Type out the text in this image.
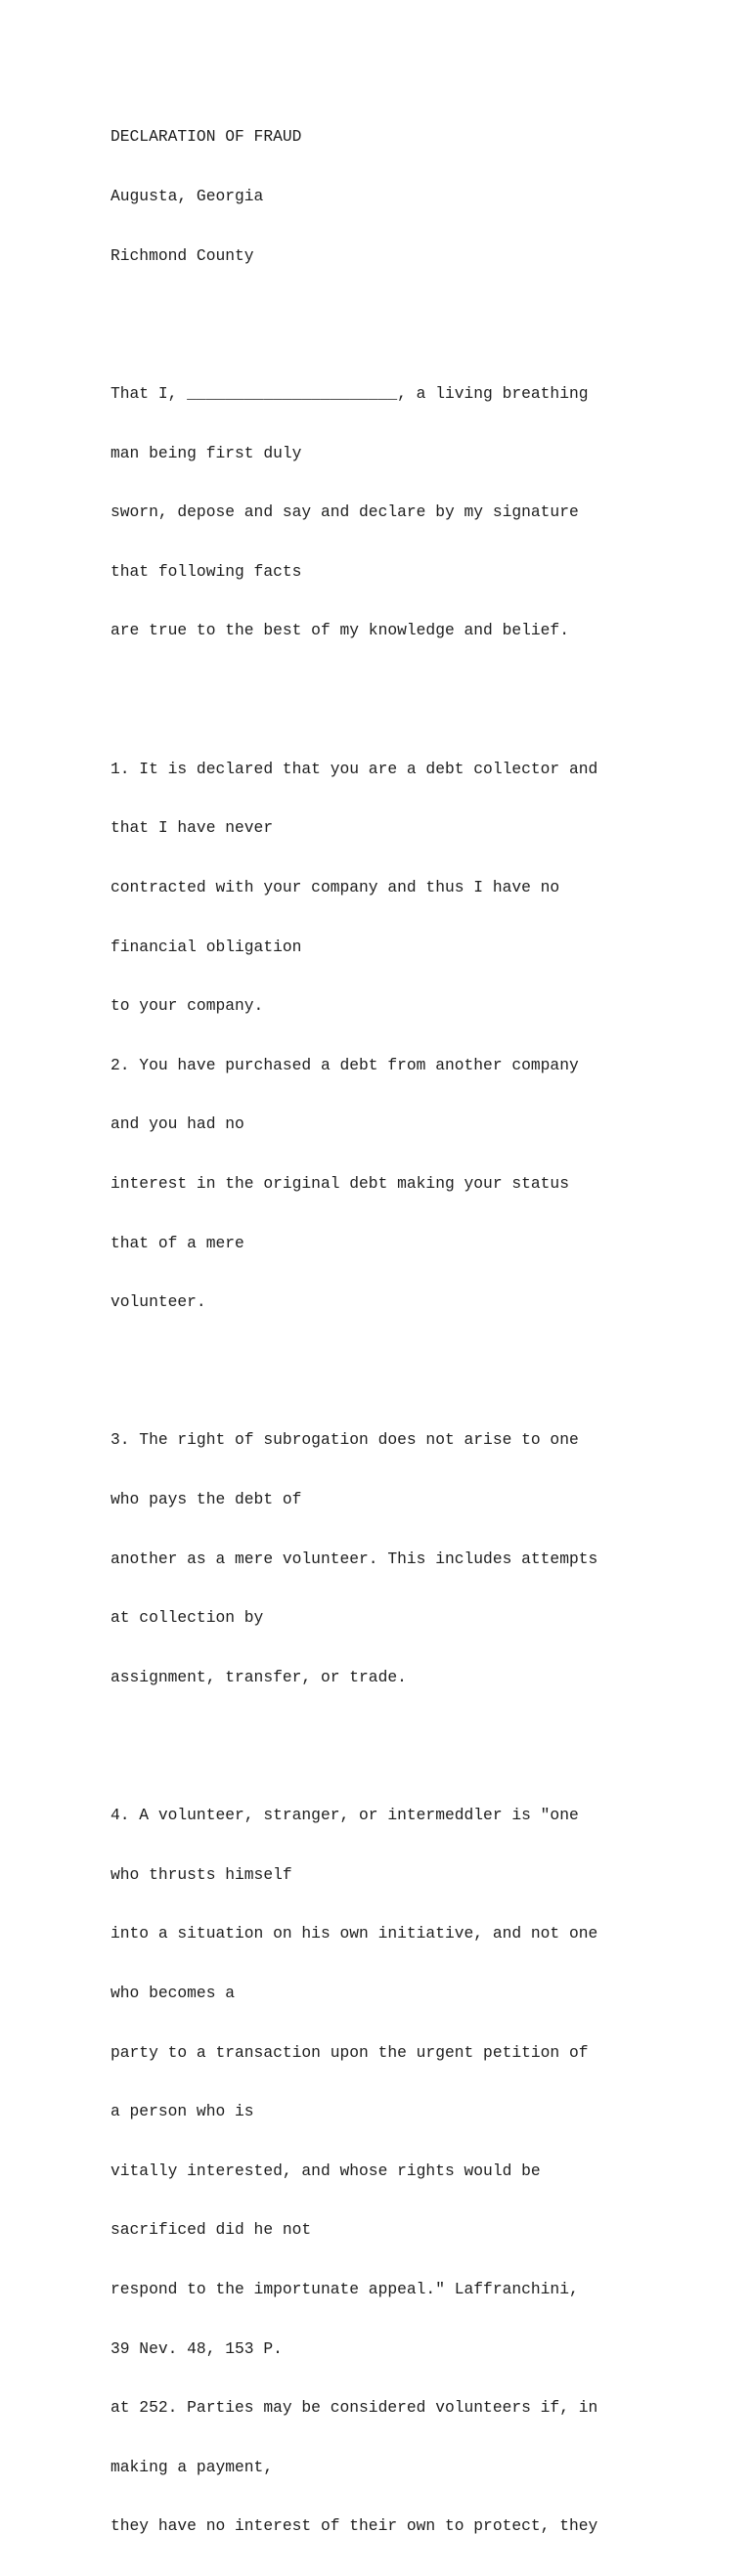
DECLARATION OF FRAUD

Augusta, Georgia

Richmond County

That I, ______________________, a living breathing

man being first duly

sworn, depose and say and declare by my signature

that following facts

are true to the best of my knowledge and belief.

1. It is declared that you are a debt collector and

that I have never

contracted with your company and thus I have no

financial obligation

to your company.

2. You have purchased a debt from another company

and you had no

interest in the original debt making your status

that of a mere

volunteer.

3. The right of subrogation does not arise to one

who pays the debt of

another as a mere volunteer. This includes attempts

at collection by

assignment, transfer, or trade.

4. A volunteer, stranger, or intermeddler is "one

who thrusts himself

into a situation on his own initiative, and not one

who becomes a

party to a transaction upon the urgent petition of

a person who is

vitally interested, and whose rights would be

sacrificed did he not

respond to the importunate appeal." Laffranchini,

39 Nev. 48, 153 P.

at 252. Parties may be considered volunteers if, in

making a payment,

they have no interest of their own to protect, they
